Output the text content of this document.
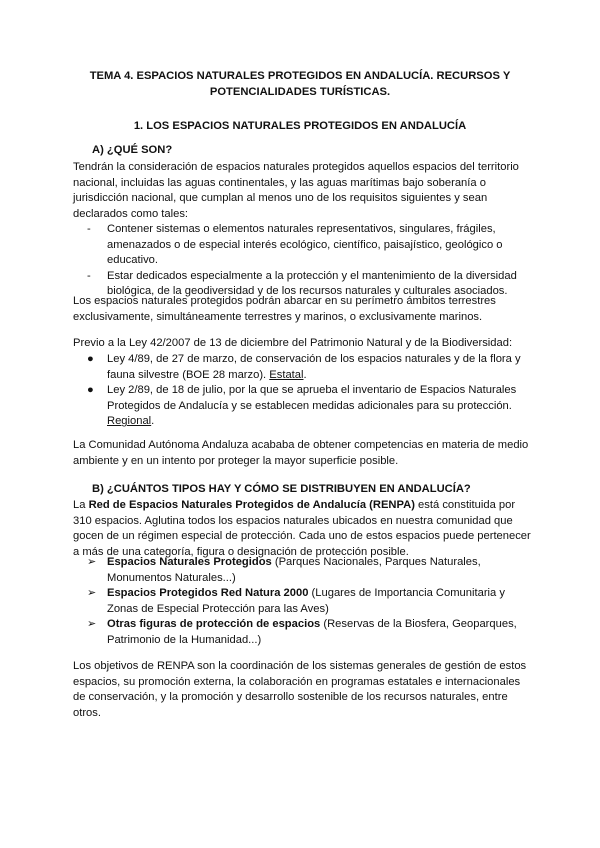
TEMA 4. ESPACIOS NATURALES PROTEGIDOS EN ANDALUCÍA. RECURSOS Y
POTENCIALIDADES TURÍSTICAS.
1. LOS ESPACIOS NATURALES PROTEGIDOS EN ANDALUCÍA
A) ¿QUÉ SON?
Tendrán la consideración de espacios naturales protegidos aquellos espacios del territorio nacional, incluidas las aguas continentales, y las aguas marítimas bajo soberanía o jurisdicción nacional, que cumplan al menos uno de los requisitos siguientes y sean declarados como tales:
- Contener sistemas o elementos naturales representativos, singulares, frágiles, amenazados o de especial interés ecológico, científico, paisajístico, geológico o educativo.
- Estar dedicados especialmente a la protección y el mantenimiento de la diversidad biológica, de la geodiversidad y de los recursos naturales y culturales asociados.
Los espacios naturales protegidos podrán abarcar en su perímetro ámbitos terrestres exclusivamente, simultáneamente terrestres y marinos, o exclusivamente marinos.
Previo a la Ley 42/2007 de 13 de diciembre del Patrimonio Natural y de la Biodiversidad:
● Ley 4/89, de 27 de marzo, de conservación de los espacios naturales y de la flora y fauna silvestre (BOE 28 marzo). Estatal.
● Ley 2/89, de 18 de julio, por la que se aprueba el inventario de Espacios Naturales Protegidos de Andalucía y se establecen medidas adicionales para su protección. Regional.
La Comunidad Autónoma Andaluza acababa de obtener competencias en materia de medio ambiente y en un intento por proteger la mayor superficie posible.
B) ¿CUÁNTOS TIPOS HAY Y CÓMO SE DISTRIBUYEN EN ANDALUCÍA?
La Red de Espacios Naturales Protegidos de Andalucía (RENPA) está constituida por 310 espacios. Aglutina todos los espacios naturales ubicados en nuestra comunidad que gocen de un régimen especial de protección. Cada uno de estos espacios puede pertenecer a más de una categoría, figura o designación de protección posible.
➢ Espacios Naturales Protegidos (Parques Nacionales, Parques Naturales, Monumentos Naturales...)
➢ Espacios Protegidos Red Natura 2000 (Lugares de Importancia Comunitaria y Zonas de Especial Protección para las Aves)
➢ Otras figuras de protección de espacios (Reservas de la Biosfera, Geoparques, Patrimonio de la Humanidad...)
Los objetivos de RENPA son la coordinación de los sistemas generales de gestión de estos espacios, su promoción externa, la colaboración en programas estatales e internacionales de conservación, y la promoción y desarrollo sostenible de los recursos naturales, entre otros.
